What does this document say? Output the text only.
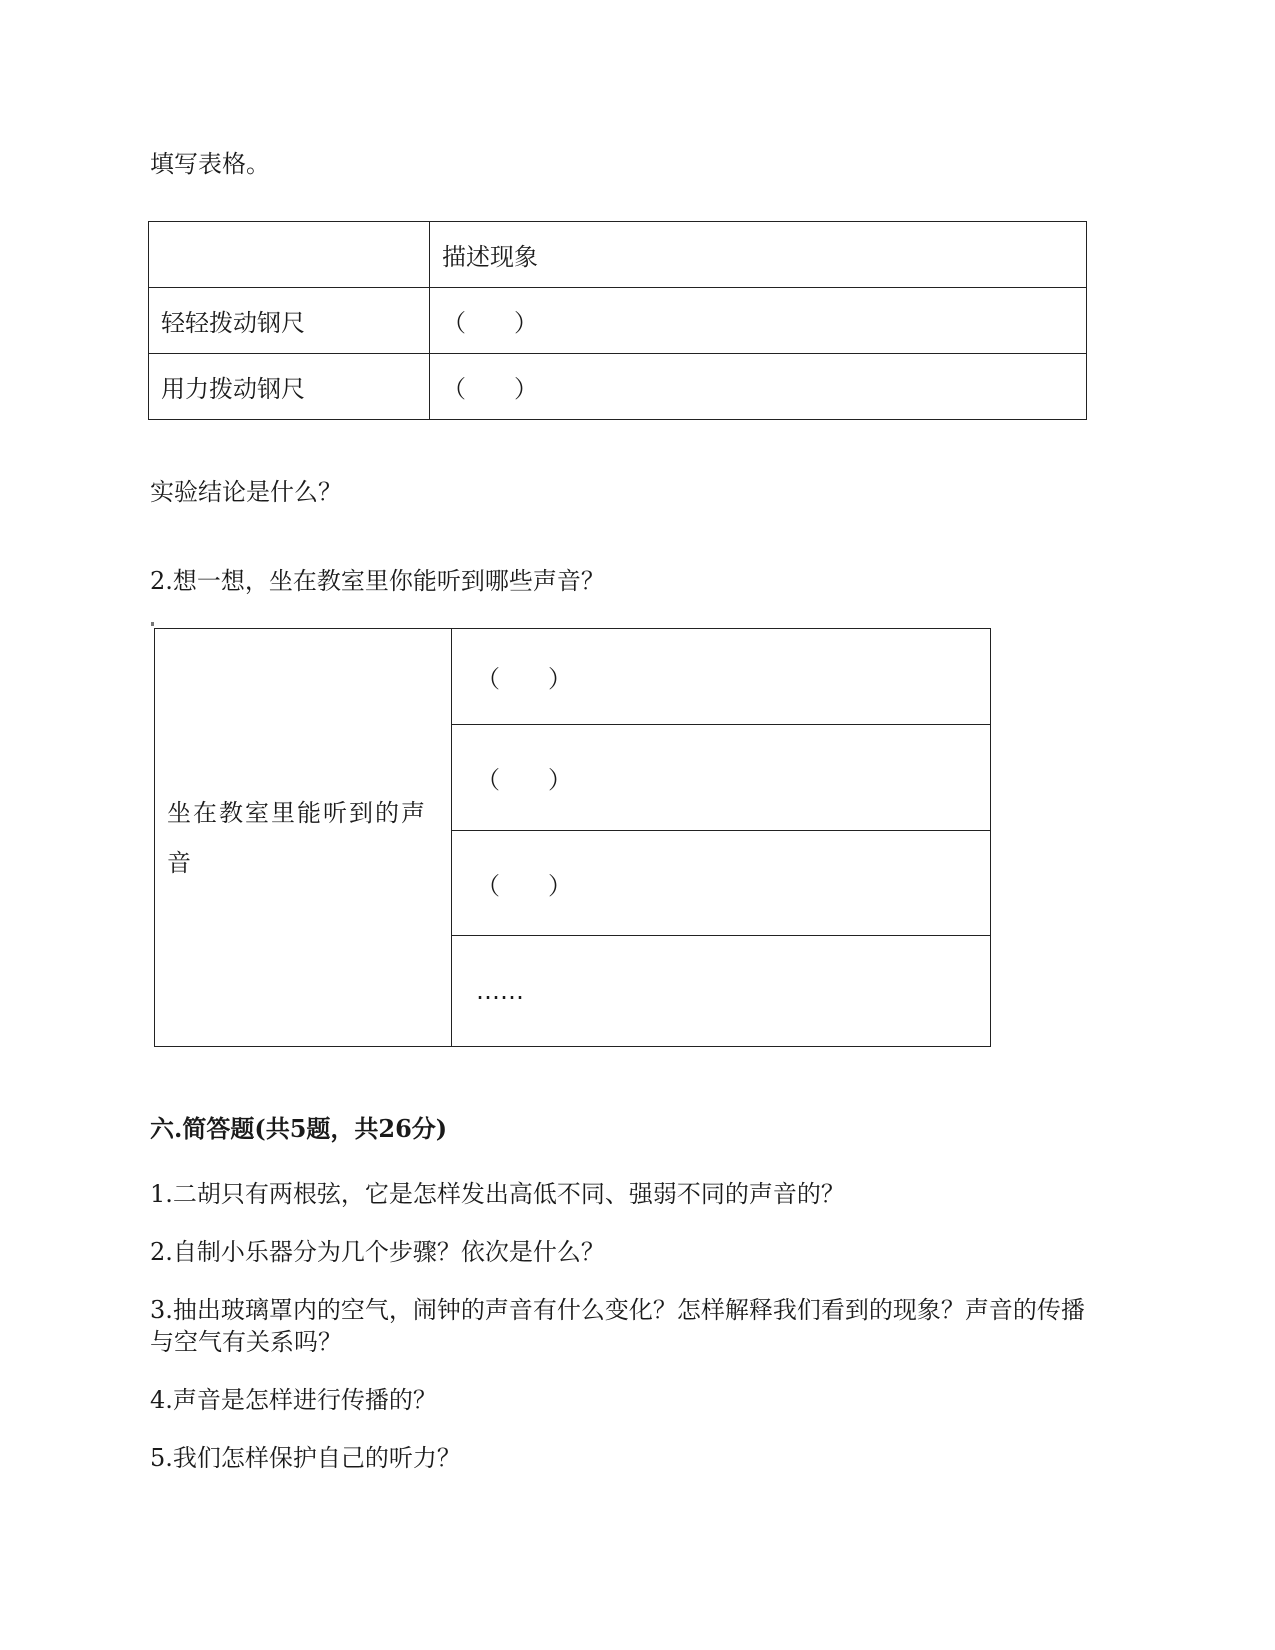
填写表格。
	描述现象
轻轻拨动钢尺	（　　）
用力拨动钢尺	（　　）
实验结论是什么？
2.想一想，坐在教室里你能听到哪些声音？
坐在教室里能听到的声音	（　　）
（　　）
（　　）
……
六.简答题(共5题，共26分)
1.二胡只有两根弦，它是怎样发出高低不同、强弱不同的声音的？
2.自制小乐器分为几个步骤？依次是什么？
3.抽出玻璃罩内的空气，闹钟的声音有什么变化？怎样解释我们看到的现象？声音的传播
与空气有关系吗？
4.声音是怎样进行传播的？
5.我们怎样保护自己的听力？
